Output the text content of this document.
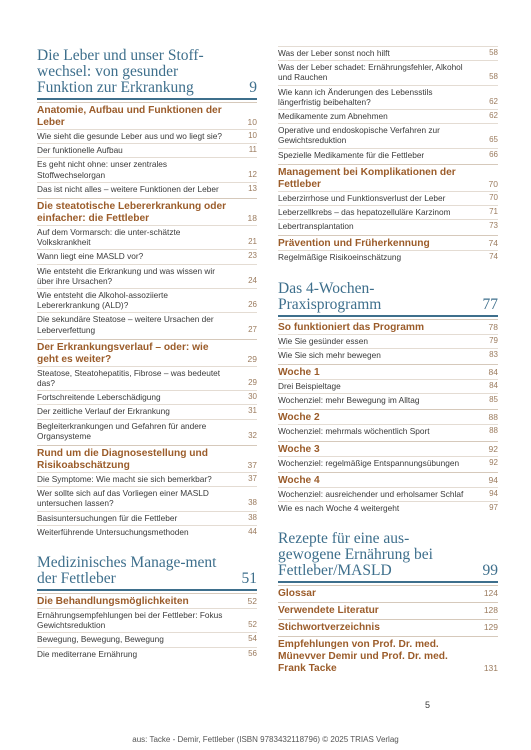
Die Leber und unser Stoff-wechsel: von gesunder Funktion zur Erkrankung	9
Anatomie, Aufbau und Funktionen der Leber	10
Wie sieht die gesunde Leber aus und wo liegt sie?	10
Der funktionelle Aufbau	11
Es geht nicht ohne: unser zentrales Stoffwechselorgan	12
Das ist nicht alles – weitere Funktionen der Leber	13
Die steatotische Lebererkrankung oder einfacher: die Fettleber	18
Auf dem Vormarsch: die unter-schätzte Volkskrankheit	21
Wann liegt eine MASLD vor?	23
Wie entsteht die Erkrankung und was wissen wir über ihre Ursachen?	24
Wie entsteht die Alkohol-assoziierte Lebererkrankung (ALD)?	26
Die sekundäre Steatose – weitere Ursachen der Leberverfettung	27
Der Erkrankungsverlauf – oder: wie geht es weiter?	29
Steatose, Steatohepatitis, Fibrose – was bedeutet das?	29
Fortschreitende Leberschädigung	30
Der zeitliche Verlauf der Erkrankung	31
Begleiterkrankungen und Gefahren für andere Organsysteme	32
Rund um die Diagnosestellung und Risikoabschätzung	37
Die Symptome: Wie macht sie sich bemerkbar?	37
Wer sollte sich auf das Vorliegen einer MASLD untersuchen lassen?	38
Basisuntersuchungen für die Fettleber	38
Weiterführende Untersuchungsmethoden	44
Medizinisches Manage-ment der Fettleber	51
Die Behandlungsmöglichkeiten	52
Ernährungsempfehlungen bei der Fettleber: Fokus Gewichtsreduktion	52
Bewegung, Bewegung, Bewegung	54
Die mediterrane Ernährung	56
Was der Leber sonst noch hilft	58
Was der Leber schadet: Ernährungsfehler, Alkohol und Rauchen	58
Wie kann ich Änderungen des Lebensstils längerfristig beibehalten?	62
Medikamente zum Abnehmen	62
Operative und endoskopische Verfahren zur Gewichtsreduktion	65
Spezielle Medikamente für die Fettleber	66
Management bei Komplikationen der Fettleber	70
Leberzirrhose und Funktionsverlust der Leber	70
Leberzellkrebs – das hepatozelluläre Karzinom	71
Lebertransplantation	73
Prävention und Früherkennung	74
Regelmäßige Risikoeinschätzung	74
Das 4-Wochen-Praxisprogramm	77
So funktioniert das Programm	78
Wie Sie gesünder essen	79
Wie Sie sich mehr bewegen	83
Woche 1	84
Drei Beispieltage	84
Wochenziel: mehr Bewegung im Alltag	85
Woche 2	88
Wochenziel: mehrmals wöchentlich Sport	88
Woche 3	92
Wochenziel: regelmäßige Entspannungsübungen	92
Woche 4	94
Wochenziel: ausreichender und erholsamer Schlaf	94
Wie es nach Woche 4 weitergeht	97
Rezepte für eine aus-gewogene Ernährung bei Fettleber/MASLD	99
Glossar	124
Verwendete Literatur	128
Stichwortverzeichnis	129
Empfehlungen von Prof. Dr. med. Münevver Demir und Prof. Dr. med. Frank Tacke	131
5
aus: Tacke - Demir, Fettleber (ISBN 9783432118796) © 2025 TRIAS Verlag
